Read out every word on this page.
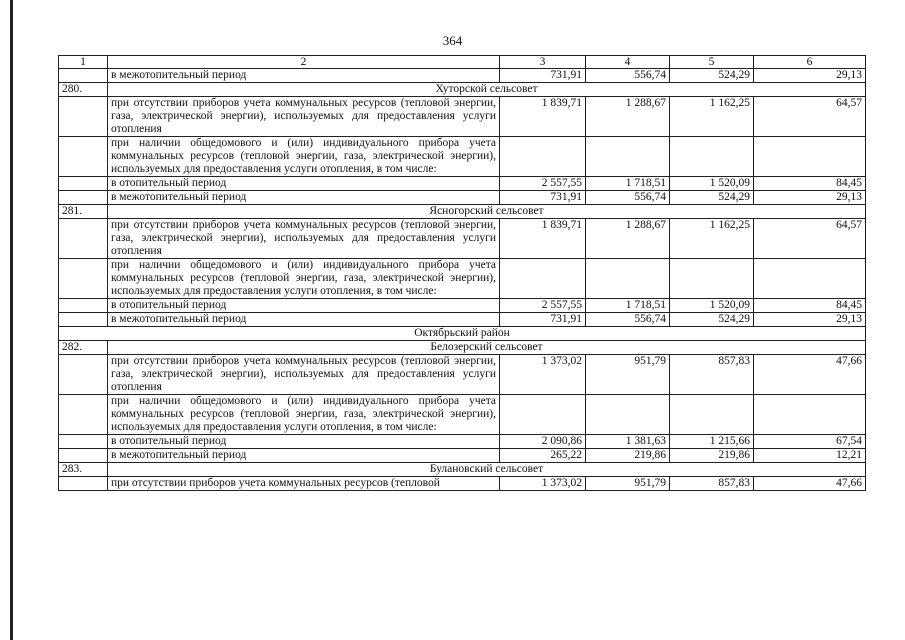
364
1	2	3	4	5	6
	в межотопительный период	731,91	556,74	524,29	29,13
280.	Хуторской сельсовет				
	при отсутствии приборов учета коммунальных ресурсов (тепловой энергии, газа, электрической энергии), используемых для предоставления услуги отопления	1 839,71	1 288,67	1 162,25	64,57
	при наличии общедомового и (или) индивидуального прибора учета коммунальных ресурсов (тепловой энергии, газа, электрической энергии), используемых для предоставления услуги отопления, в том числе:				
	в отопительный период	2 557,55	1 718,51	1 520,09	84,45
	в межотопительный период	731,91	556,74	524,29	29,13
281.	Ясногорский сельсовет				
	при отсутствии приборов учета коммунальных ресурсов (тепловой энергии, газа, электрической энергии), используемых для предоставления услуги отопления	1 839,71	1 288,67	1 162,25	64,57
	при наличии общедомового и (или) индивидуального прибора учета коммунальных ресурсов (тепловой энергии, газа, электрической энергии), используемых для предоставления услуги отопления, в том числе:				
	в отопительный период	2 557,55	1 718,51	1 520,09	84,45
	в межотопительный период	731,91	556,74	524,29	29,13
Октябрьский район					
282.	Белозерский сельсовет				
	при отсутствии приборов учета коммунальных ресурсов (тепловой энергии, газа, электрической энергии), используемых для предоставления услуги отопления	1 373,02	951,79	857,83	47,66
	при наличии общедомового и (или) индивидуального прибора учета коммунальных ресурсов (тепловой энергии, газа, электрической энергии), используемых для предоставления услуги отопления, в том числе:				
	в отопительный период	2 090,86	1 381,63	1 215,66	67,54
	в межотопительный период	265,22	219,86	219,86	12,21
283.	Булановский сельсовет				
	при отсутствии приборов учета коммунальных ресурсов (тепловой	1 373,02	951,79	857,83	47,66
